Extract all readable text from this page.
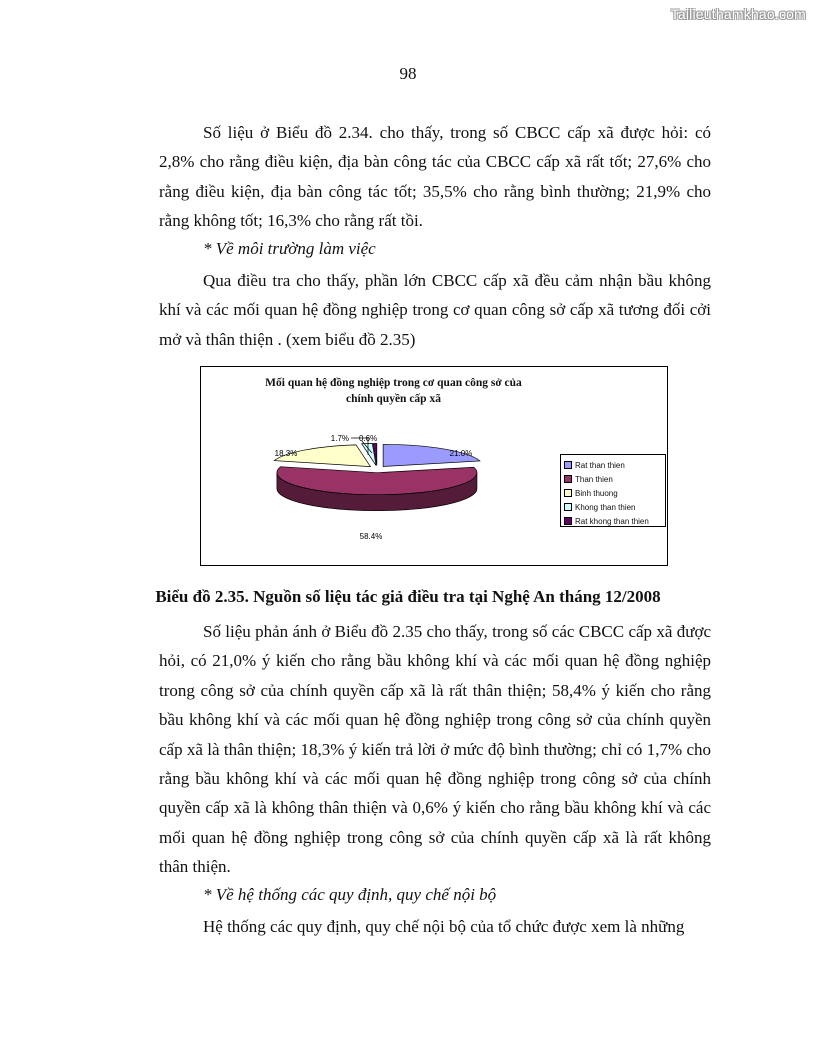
Tailieuthamkhao.com
98

Số liệu ở Biểu đồ 2.34. cho thấy, trong số CBCC cấp xã được hỏi: có 2,8% cho rằng điều kiện, địa bàn công tác của CBCC cấp xã rất tốt; 27,6% cho rằng điều kiện, địa bàn công tác tốt; 35,5% cho rằng bình thường; 21,9% cho rằng không tốt; 16,3% cho rằng rất tồi.

* Về môi trường làm việc

Qua điều tra cho thấy, phần lớn CBCC cấp xã đều cảm nhận bầu không khí và các mối quan hệ đồng nghiệp trong cơ quan công sở cấp xã tương đối cởi mở và thân thiện . (xem biểu đồ 2.35)

Mối quan hệ đồng nghiệp trong cơ quan công sở của
chính quyền cấp xã
21.0%
58.4%
18.3%
1.7% 0.6%
Rat than thien
Than thien
Binh thuong
Khong than thien
Rat khong than thien
Biểu đồ 2.35. Nguồn số liệu tác giả điều tra tại Nghệ An tháng 12/2008

Số liệu phản ánh ở Biểu đồ 2.35 cho thấy, trong số các CBCC cấp xã được hỏi, có 21,0% ý kiến cho rằng bầu không khí và các mối quan hệ đồng nghiệp trong công sở của chính quyền cấp xã là rất thân thiện; 58,4% ý kiến cho rằng bầu không khí và các mối quan hệ đồng nghiệp trong công sở của chính quyền cấp xã là thân thiện; 18,3% ý kiến trả lời ở mức độ bình thường; chỉ có 1,7% cho rằng bầu không khí và các mối quan hệ đồng nghiệp trong công sở của chính quyền cấp xã là không thân thiện và 0,6% ý kiến cho rằng bầu không khí và các mối quan hệ đồng nghiệp trong công sở của chính quyền cấp xã là rất không thân thiện.

* Về hệ thống các quy định, quy chế nội bộ

Hệ thống các quy định, quy chế nội bộ của tổ chức được xem là những
